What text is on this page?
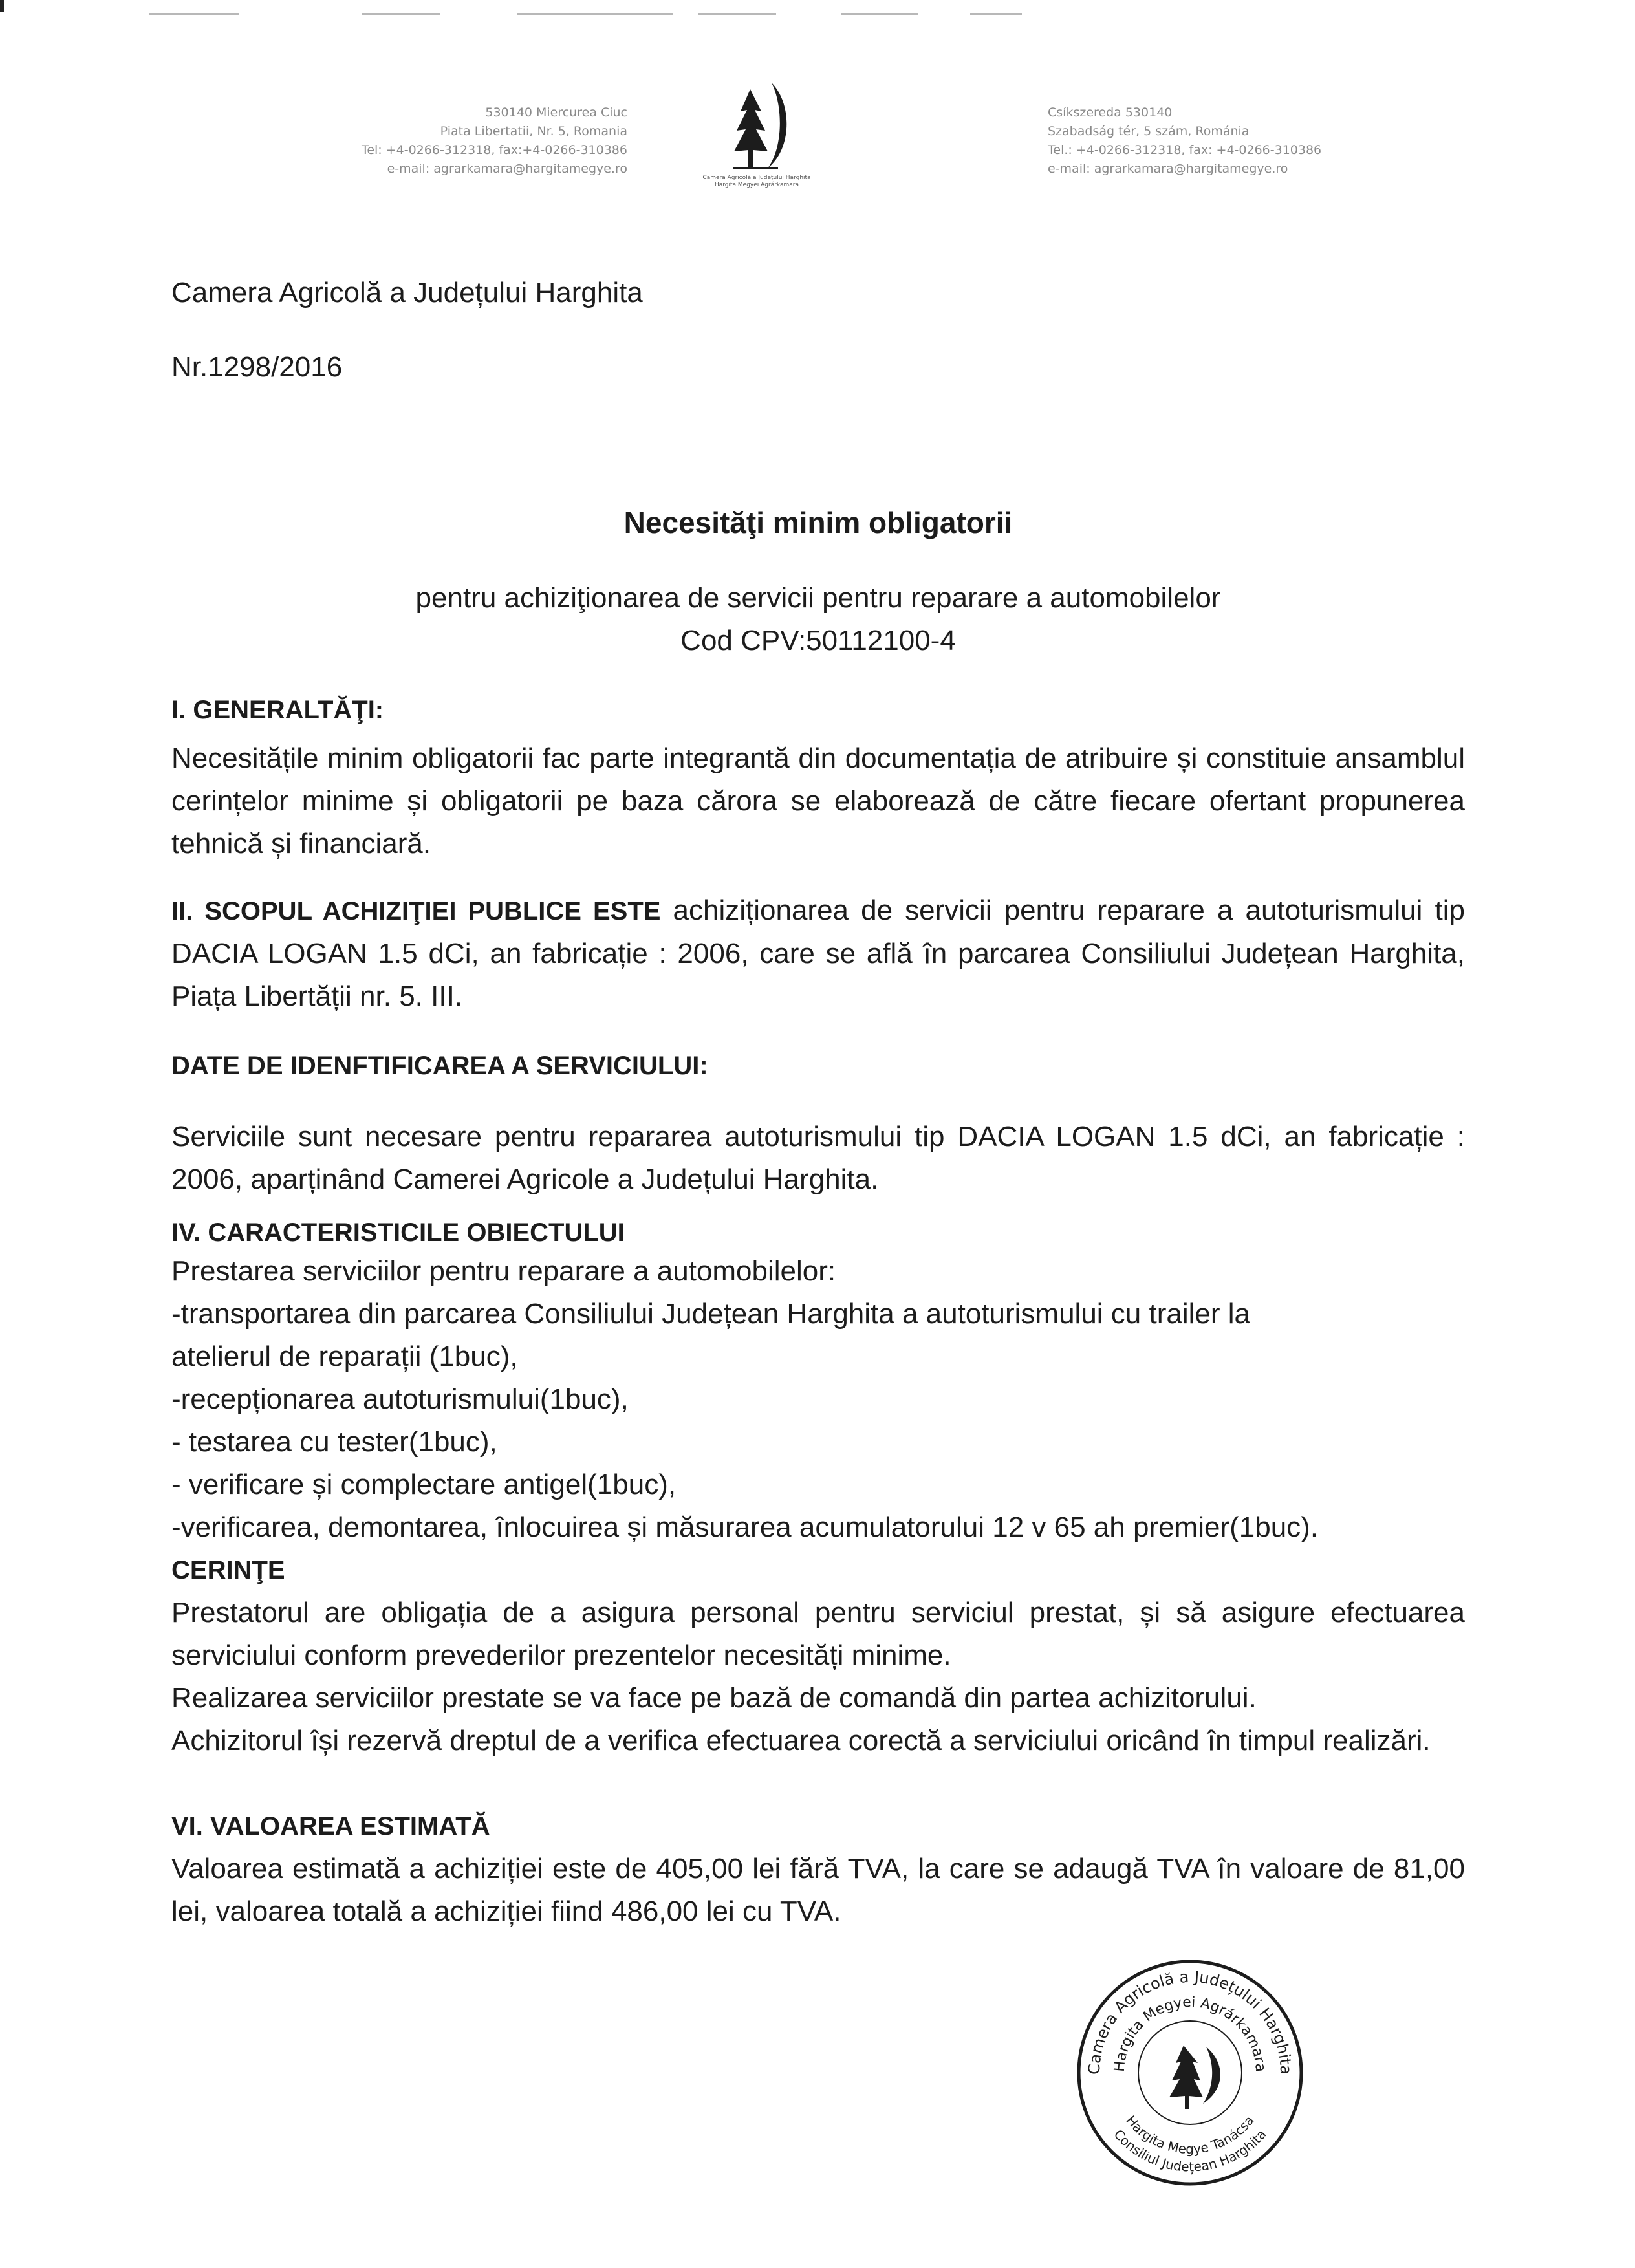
530140 Miercurea Ciuc
Piata Libertatii, Nr. 5, Romania
Tel: +4-0266-312318, fax:+4-0266-310386
e-mail: agrarkamara@hargitamegye.ro
Camera Agricolă a Județului Harghita
Hargita Megyei Agrárkamara
Csíkszereda 530140
Szabadság tér, 5 szám, Románia
Tel.: +4-0266-312318, fax: +4-0266-310386
e-mail: agrarkamara@hargitamegye.ro
Camera Agricolă a Județului Harghita
Nr.1298/2016
Necesităţi minim obligatorii
pentru achiziţionarea de servicii pentru reparare a automobilelor
Cod CPV:50112100-4
I. GENERALTĂŢI:
Necesitățile minim obligatorii fac parte integrantă din documentația de atribuire și constituie ansamblul cerințelor minime și obligatorii pe baza cărora se elaborează de către fiecare ofertant propunerea tehnică și financiară.
II. SCOPUL ACHIZIŢIEI PUBLICE ESTE achiziționarea de servicii pentru reparare a autoturismului tip DACIA LOGAN 1.5 dCi, an fabricație : 2006, care se află în parcarea Consiliului Județean Harghita, Piața Libertății nr. 5. III.
DATE DE IDENFTIFICAREA A SERVICIULUI:
Serviciile sunt necesare pentru repararea autoturismului tip DACIA LOGAN 1.5 dCi, an fabricație : 2006, aparținând Camerei Agricole a Județului Harghita.
IV. CARACTERISTICILE OBIECTULUI
Prestarea serviciilor pentru reparare a automobilelor:
-transportarea din parcarea Consiliului Județean Harghita a autoturismului cu trailer la
atelierul de reparații (1buc),
-recepționarea autoturismului(1buc),
- testarea cu tester(1buc),
- verificare și complectare antigel(1buc),
-verificarea, demontarea, înlocuirea și măsurarea acumulatorului 12 v 65 ah premier(1buc).
CERINŢE
Prestatorul are obligația de a asigura personal pentru serviciul prestat, și să asigure efectuarea serviciului conform prevederilor prezentelor necesități minime.
Realizarea serviciilor prestate se va face pe bază de comandă din partea achizitorului.
Achizitorul își rezervă dreptul de a verifica efectuarea corectă a serviciului oricând în timpul realizări.
VI. VALOAREA ESTIMATĂ
Valoarea estimată a achiziției este de 405,00 lei fără TVA, la care se adaugă TVA în valoare de 81,00 lei, valoarea totală a achiziției fiind 486,00 lei cu TVA.
Camera Agricolă a Județului Harghita
Hargita Megyei Agrárkamara
Hargita Megye Tanácsa
Consiliul Județean Harghita
